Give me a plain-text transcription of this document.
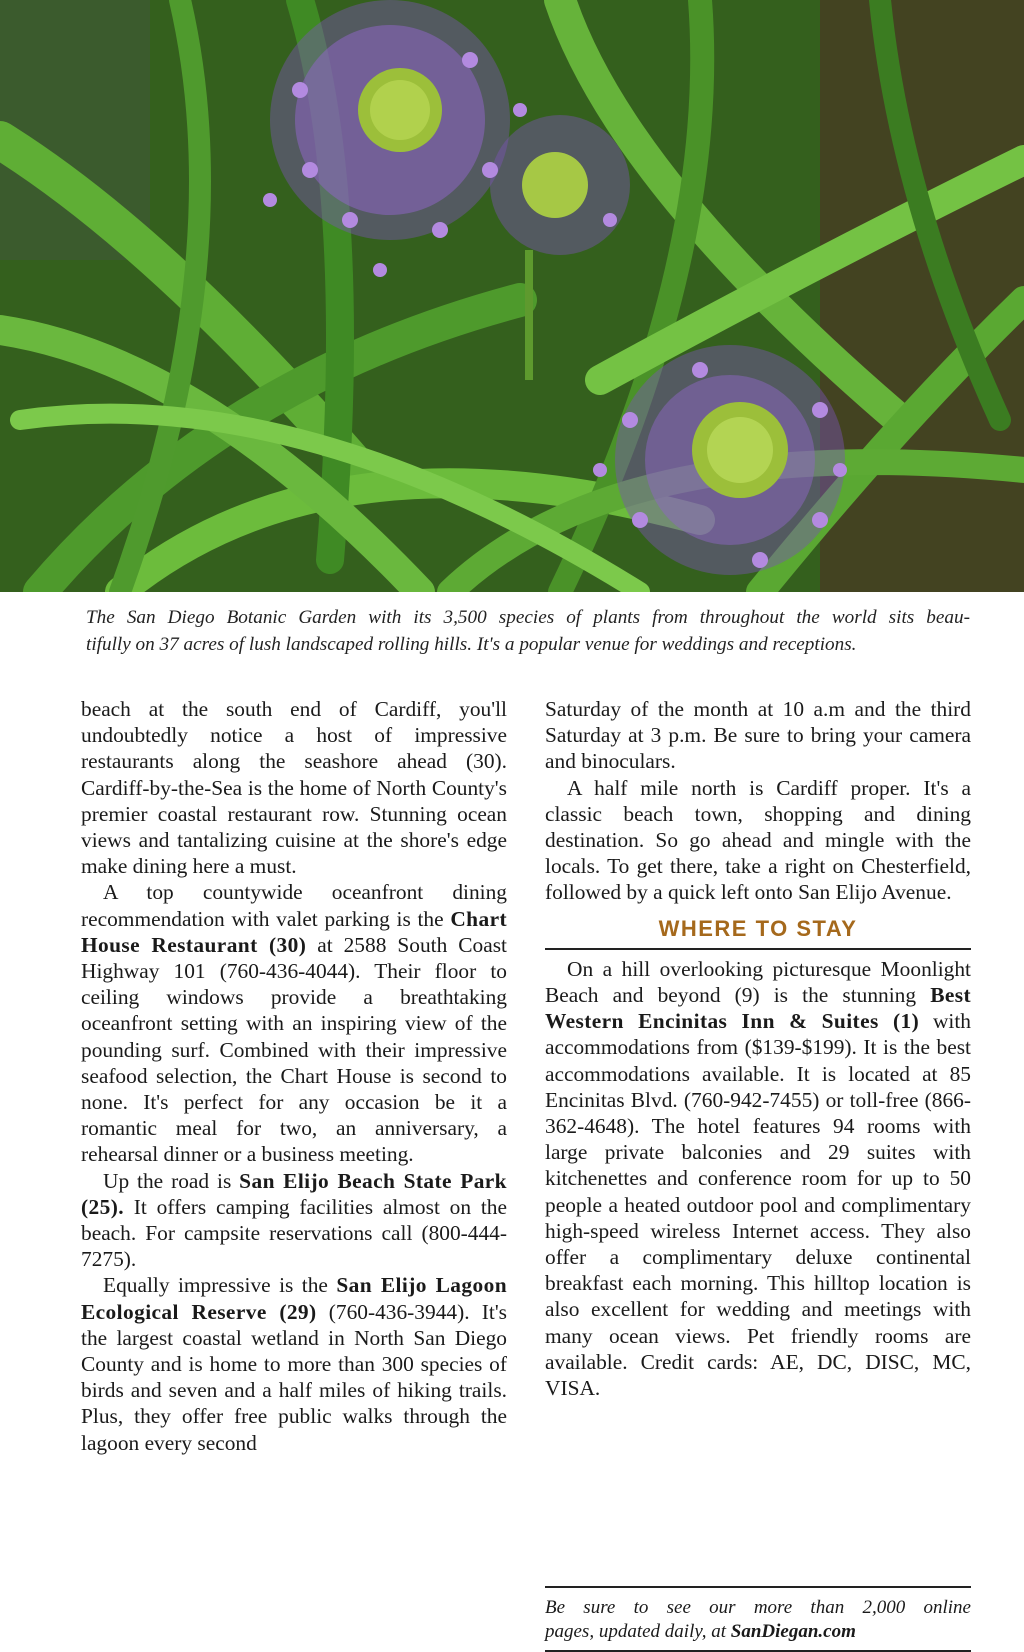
The San Diego Botanic Garden with its 3,500 species of plants from throughout the world sits beau-
tifully on 37 acres of lush landscaped rolling hills. It's a popular venue for weddings and receptions.

beach at the south end of Cardiff, you'll undoubtedly notice a host of impressive restaurants along the seashore ahead (30). Cardiff-by-the-Sea is the home of North County's premier coastal restaurant row. Stunning ocean views and tantalizing cuisine at the shore's edge make dining here a must.

A top countywide oceanfront dining recommendation with valet parking is the Chart House Restaurant (30) at 2588 South Coast Highway 101 (760-436-4044). Their floor to ceiling windows provide a breathtaking oceanfront setting with an inspiring view of the pounding surf. Combined with their impressive seafood selection, the Chart House is second to none. It's perfect for any occasion be it a romantic meal for two, an anniversary, a rehearsal dinner or a business meeting.

Up the road is San Elijo Beach State Park (25). It offers camping facilities almost on the beach. For campsite reservations call (800-444-7275).

Equally impressive is the San Elijo Lagoon Ecological Reserve (29) (760-436-3944). It's the largest coastal wetland in North San Diego County and is home to more than 300 species of birds and seven and a half miles of hiking trails. Plus, they offer free public walks through the lagoon every second

Saturday of the month at 10 a.m and the third Saturday at 3 p.m. Be sure to bring your camera and binoculars.

A half mile north is Cardiff proper. It's a classic beach town, shopping and dining destination. So go ahead and mingle with the locals. To get there, take a right on Chesterfield, followed by a quick left onto San Elijo Avenue.

WHERE TO STAY

On a hill overlooking picturesque Moonlight Beach and beyond (9) is the stunning Best Western Encinitas Inn & Suites (1) with accommodations from ($139-$199). It is the best accommodations available. It is located at 85 Encinitas Blvd. (760-942-7455) or toll-free (866-362-4648). The hotel features 94 rooms with large private balconies and 29 suites with kitchenettes and conference room for up to 50 people a heated outdoor pool and complimentary high-speed wireless Internet access. They also offer a complimentary deluxe continental breakfast each morning. This hilltop location is also excellent for wedding and meetings with many ocean views. Pet friendly rooms are available. Credit cards: AE, DC, DISC, MC, VISA.

Be sure to see our more than 2,000 online
pages, updated daily, at SanDiegan.com
